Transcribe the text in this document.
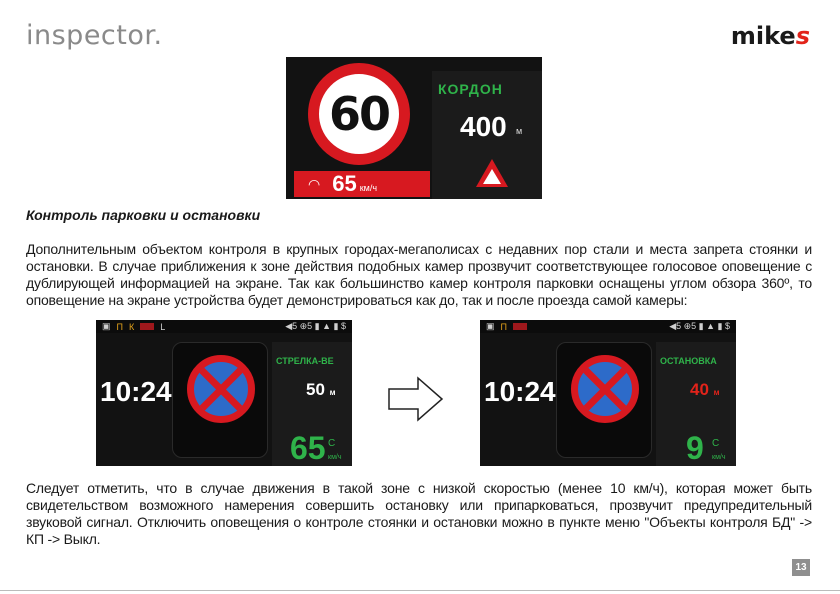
inspector.	mikes
60
◠ 65 км/ч
КОРДОН
400 м
Контроль парковки и остановки
Дополнительным объектом контроля в крупных городах-мегаполисах с недавних пор стали и места запрета стоянки и остановки. В случае приближения к зоне действия подобных камер прозвучит соответствующее голосовое оповещение с дублирующей информацией на экране. Так как большинство камер контроля парковки оснащены углом обзора 360º, то оповещение на экране устройства будет демонстрироваться как до, так и после проезда самой камеры:
▣ П К	L	◀5 ⊕5 ▮ ▲ ▮ $
10:24
СТРЕЛКА-ВЕ
50 м
65 C
км/ч
▣ П	◀5 ⊕5 ▮ ▲ ▮ $
10:24
ОСТАНОВКА
40 м
9 C
км/ч
Следует отметить, что в случае движения в такой зоне с низкой скоростью (менее 10 км/ч), которая может быть свидетельством возможного намерения совершить остановку или припарковаться, прозвучит предупредительный звуковой сигнал. Отключить оповещения о контроле стоянки и остановки можно в пункте меню "Объекты контроля БД" -> КП -> Выкл.
13
